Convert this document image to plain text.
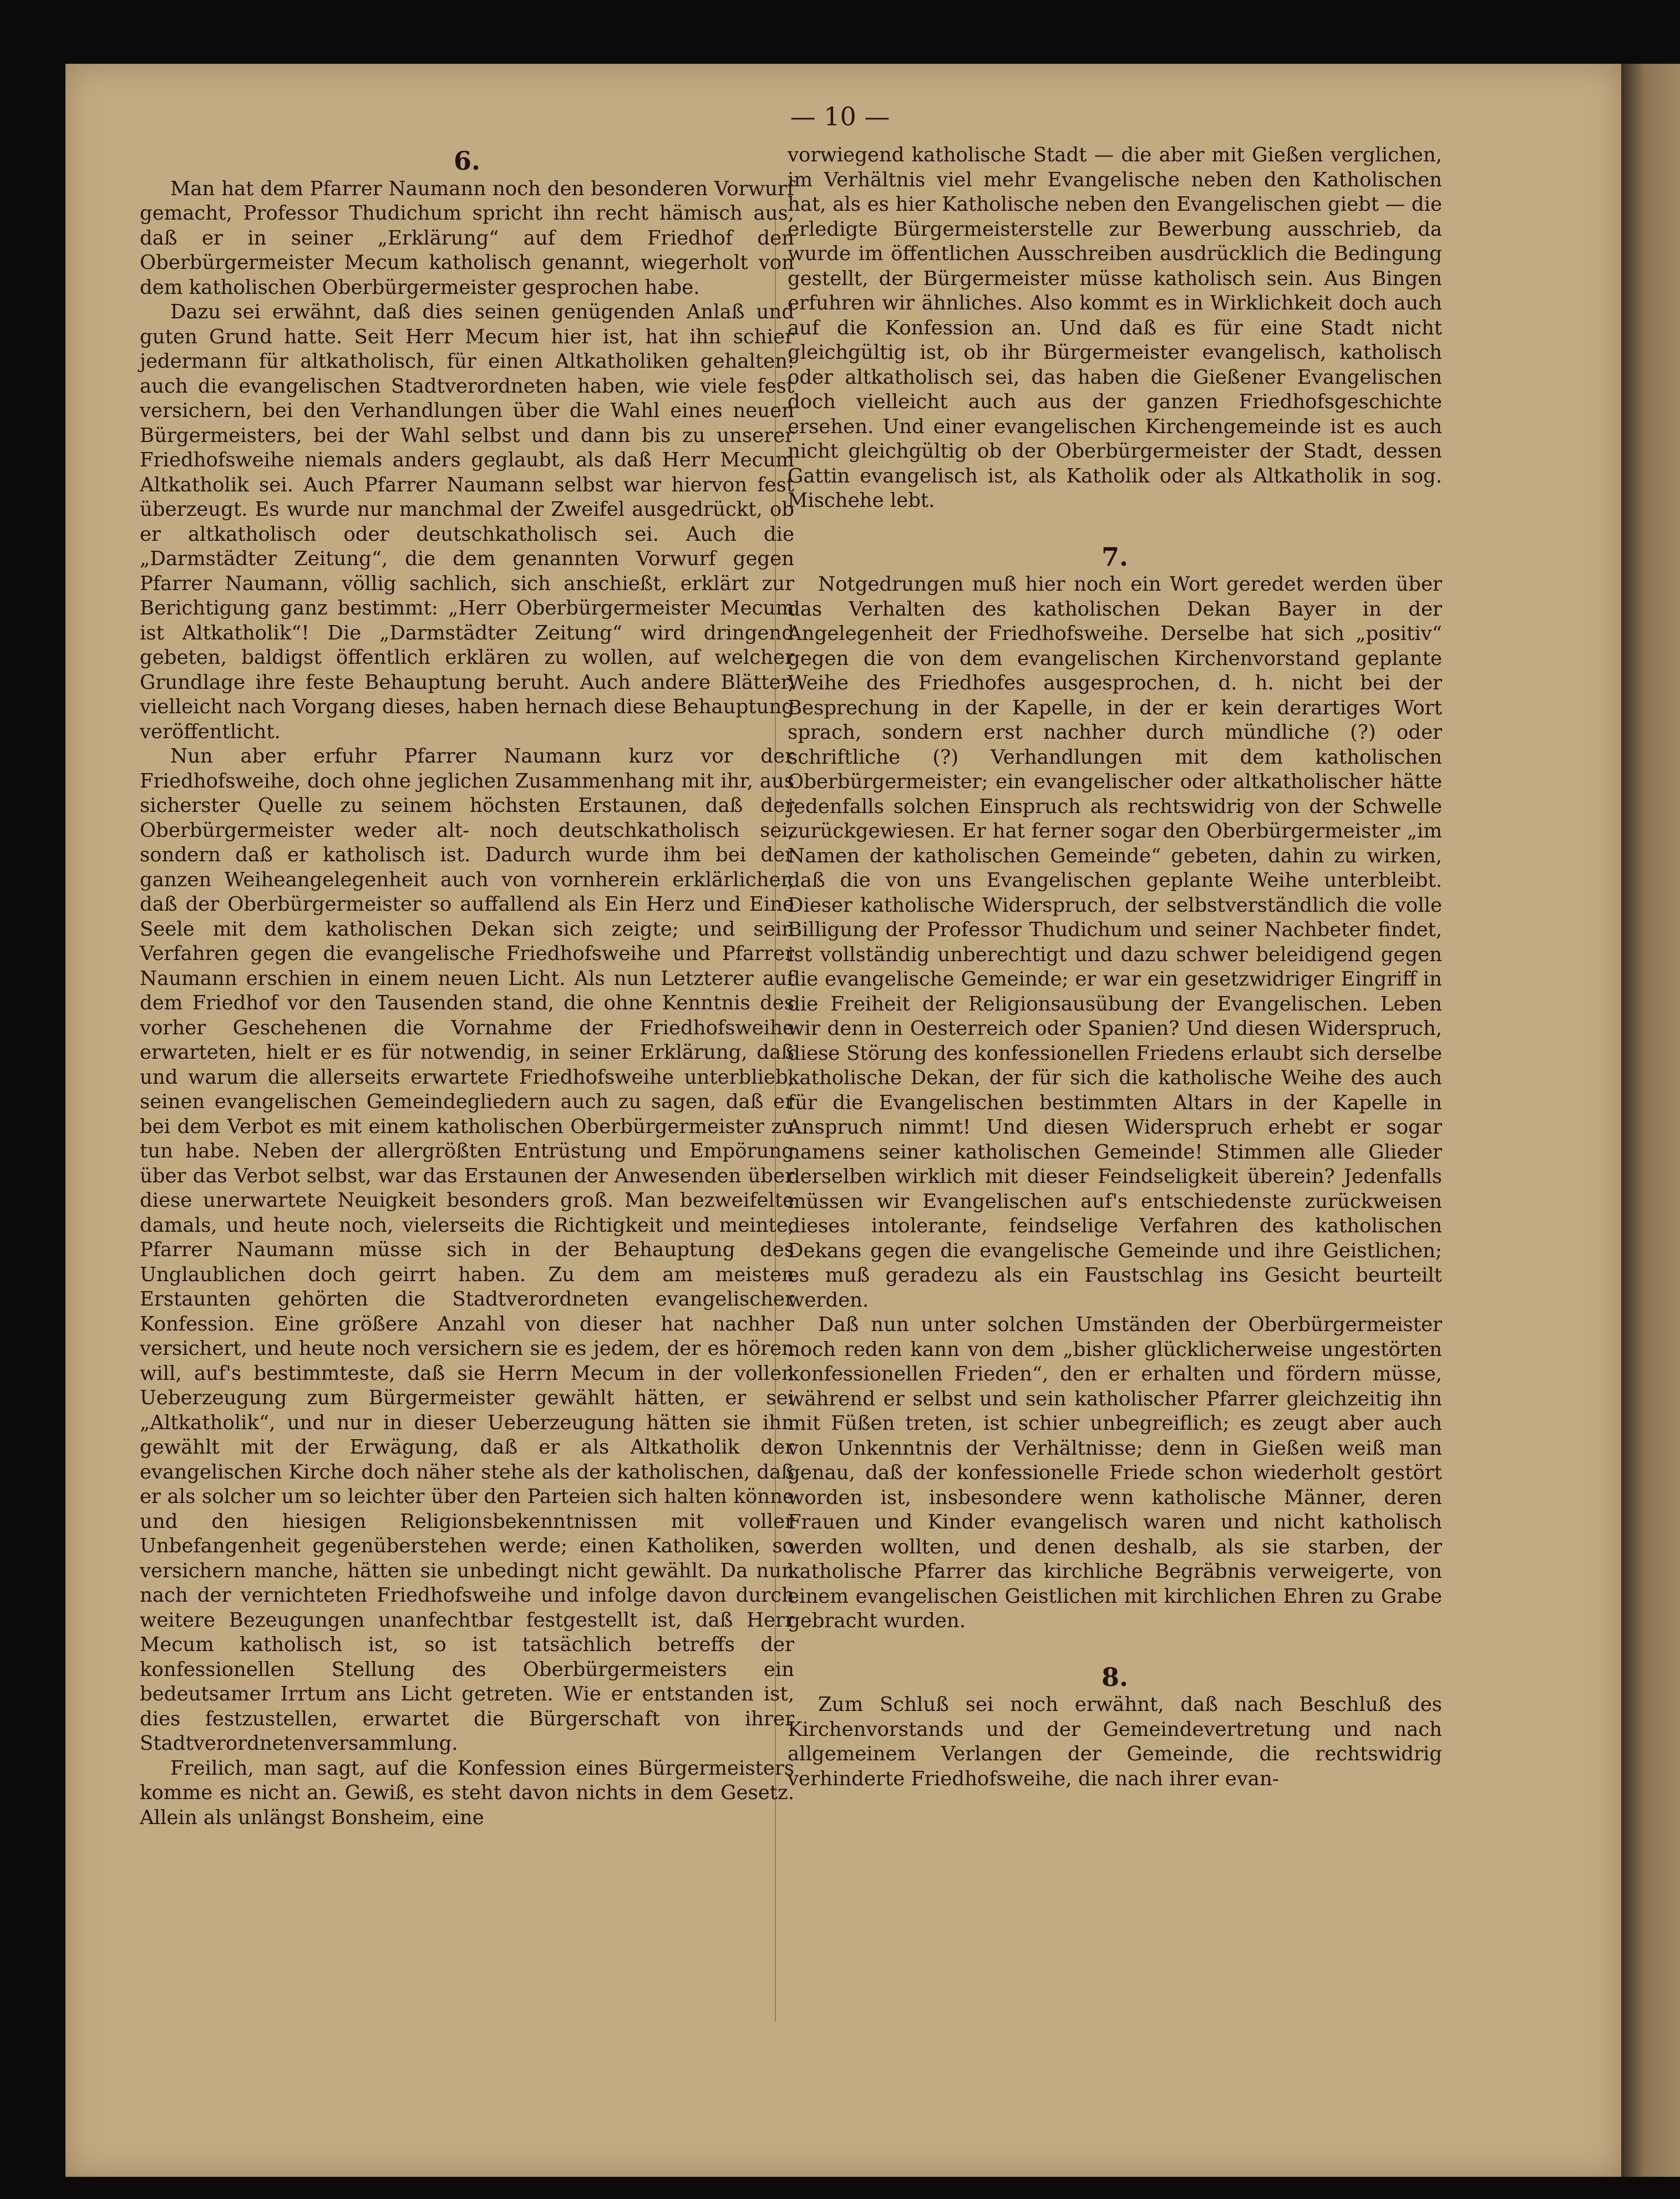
— 10 —
6.

Man hat dem Pfarrer Naumann noch den besonderen Vorwurf gemacht, Professor Thudichum spricht ihn recht hämisch aus, daß er in seiner „Erklärung“ auf dem Friedhof den Oberbürgermeister Mecum katholisch genannt, wiegerholt von dem katholischen Oberbürgermeister gesprochen habe.

Dazu sei erwähnt, daß dies seinen genügenden Anlaß und guten Grund hatte. Seit Herr Mecum hier ist, hat ihn schier jedermann für altkatholisch, für einen Altkatholiken gehalten: auch die evangelischen Stadtverordneten haben, wie viele fest versichern, bei den Verhandlungen über die Wahl eines neuen Bürgermeisters, bei der Wahl selbst und dann bis zu unserer Friedhofsweihe niemals anders geglaubt, als daß Herr Mecum Altkatholik sei. Auch Pfarrer Naumann selbst war hiervon fest überzeugt. Es wurde nur manchmal der Zweifel ausgedrückt, ob er altkatholisch oder deutschkatholisch sei. Auch die „Darmstädter Zeitung“, die dem genannten Vorwurf gegen Pfarrer Naumann, völlig sachlich, sich anschießt, erklärt zur Berichtigung ganz bestimmt: „Herr Oberbürgermeister Mecum ist Altkatholik“! Die „Darmstädter Zeitung“ wird dringend gebeten, baldigst öffentlich erklären zu wollen, auf welcher Grundlage ihre feste Behauptung beruht. Auch andere Blätter, vielleicht nach Vorgang dieses, haben hernach diese Behauptung veröffentlicht.

Nun aber erfuhr Pfarrer Naumann kurz vor der Friedhofsweihe, doch ohne jeglichen Zusammenhang mit ihr, aus sicherster Quelle zu seinem höchsten Erstaunen, daß der Oberbürgermeister weder alt- noch deutschkatholisch sei, sondern daß er katholisch ist. Dadurch wurde ihm bei der ganzen Weiheangelegenheit auch von vornherein erklärlicher, daß der Oberbürgermeister so auffallend als Ein Herz und Eine Seele mit dem katholischen Dekan sich zeigte; und sein Verfahren gegen die evangelische Friedhofsweihe und Pfarrer Naumann erschien in einem neuen Licht. Als nun Letzterer auf dem Friedhof vor den Tausenden stand, die ohne Kenntnis des vorher Geschehenen die Vornahme der Friedhofsweihe erwarteten, hielt er es für notwendig, in seiner Erklärung, daß und warum die allerseits erwartete Friedhofsweihe unterblieb, seinen evangelischen Gemeindegliedern auch zu sagen, daß er bei dem Verbot es mit einem katholischen Oberbürgermeister zu tun habe. Neben der allergrößten Entrüstung und Empörung über das Verbot selbst, war das Erstaunen der Anwesenden über diese unerwartete Neuigkeit besonders groß. Man bezweifelte damals, und heute noch, vielerseits die Richtigkeit und meinte, Pfarrer Naumann müsse sich in der Behauptung des Unglaublichen doch geirrt haben. Zu dem am meisten Erstaunten gehörten die Stadtverordneten evangelischer Konfession. Eine größere Anzahl von dieser hat nachher versichert, und heute noch versichern sie es jedem, der es hören will, auf's bestimmteste, daß sie Herrn Mecum in der vollen Ueberzeugung zum Bürgermeister gewählt hätten, er sei „Altkatholik“, und nur in dieser Ueberzeugung hätten sie ihn gewählt mit der Erwägung, daß er als Altkatholik der evangelischen Kirche doch näher stehe als der katholischen, daß er als solcher um so leichter über den Parteien sich halten könne und den hiesigen Religionsbekenntnissen mit voller Unbefangenheit gegenüberstehen werde; einen Katholiken, so versichern manche, hätten sie unbedingt nicht gewählt. Da nun nach der vernichteten Friedhofsweihe und infolge davon durch weitere Bezeugungen unanfechtbar festgestellt ist, daß Herr Mecum katholisch ist, so ist tatsächlich betreffs der konfessionellen Stellung des Oberbürgermeisters ein bedeutsamer Irrtum ans Licht getreten. Wie er entstanden ist, dies festzustellen, erwartet die Bürgerschaft von ihrer Stadtverordnetenversammlung.

Freilich, man sagt, auf die Konfession eines Bürgermeisters komme es nicht an. Gewiß, es steht davon nichts in dem Gesetz. Allein als unlängst Bonsheim, eine

vorwiegend katholische Stadt — die aber mit Gießen verglichen, im Verhältnis viel mehr Evangelische neben den Katholischen hat, als es hier Katholische neben den Evangelischen giebt — die erledigte Bürgermeisterstelle zur Bewerbung ausschrieb, da wurde im öffentlichen Ausschreiben ausdrücklich die Bedingung gestellt, der Bürgermeister müsse katholisch sein. Aus Bingen erfuhren wir ähnliches. Also kommt es in Wirklichkeit doch auch auf die Konfession an. Und daß es für eine Stadt nicht gleichgültig ist, ob ihr Bürgermeister evangelisch, katholisch oder altkatholisch sei, das haben die Gießener Evangelischen doch vielleicht auch aus der ganzen Friedhofsgeschichte ersehen. Und einer evangelischen Kirchengemeinde ist es auch nicht gleichgültig ob der Oberbürgermeister der Stadt, dessen Gattin evangelisch ist, als Katholik oder als Altkatholik in sog. Mischehe lebt.

7.

Notgedrungen muß hier noch ein Wort geredet werden über das Verhalten des katholischen Dekan Bayer in der Angelegenheit der Friedhofsweihe. Derselbe hat sich „positiv“ gegen die von dem evangelischen Kirchenvorstand geplante Weihe des Friedhofes ausgesprochen, d. h. nicht bei der Besprechung in der Kapelle, in der er kein derartiges Wort sprach, sondern erst nachher durch mündliche (?) oder schriftliche (?) Verhandlungen mit dem katholischen Oberbürgermeister; ein evangelischer oder altkatholischer hätte jedenfalls solchen Einspruch als rechtswidrig von der Schwelle zurückgewiesen. Er hat ferner sogar den Oberbürgermeister „im Namen der katholischen Gemeinde“ gebeten, dahin zu wirken, daß die von uns Evangelischen geplante Weihe unterbleibt. Dieser katholische Widerspruch, der selbstverständlich die volle Billigung der Professor Thudichum und seiner Nachbeter findet, ist vollständig unberechtigt und dazu schwer beleidigend gegen die evangelische Gemeinde; er war ein gesetzwidriger Eingriff in die Freiheit der Religionsausübung der Evangelischen. Leben wir denn in Oesterreich oder Spanien? Und diesen Widerspruch, diese Störung des konfessionellen Friedens erlaubt sich derselbe katholische Dekan, der für sich die katholische Weihe des auch für die Evangelischen bestimmten Altars in der Kapelle in Anspruch nimmt! Und diesen Widerspruch erhebt er sogar namens seiner katholischen Gemeinde! Stimmen alle Glieder derselben wirklich mit dieser Feindseligkeit überein? Jedenfalls müssen wir Evangelischen auf's entschiedenste zurückweisen dieses intolerante, feindselige Verfahren des katholischen Dekans gegen die evangelische Gemeinde und ihre Geistlichen; es muß geradezu als ein Faustschlag ins Gesicht beurteilt werden.

Daß nun unter solchen Umständen der Oberbürgermeister noch reden kann von dem „bisher glücklicherweise ungestörten konfessionellen Frieden“, den er erhalten und fördern müsse, während er selbst und sein katholischer Pfarrer gleichzeitig ihn mit Füßen treten, ist schier unbegreiflich; es zeugt aber auch von Unkenntnis der Verhältnisse; denn in Gießen weiß man genau, daß der konfessionelle Friede schon wiederholt gestört worden ist, insbesondere wenn katholische Männer, deren Frauen und Kinder evangelisch waren und nicht katholisch werden wollten, und denen deshalb, als sie starben, der katholische Pfarrer das kirchliche Begräbnis verweigerte, von einem evangelischen Geistlichen mit kirchlichen Ehren zu Grabe gebracht wurden.

8.

Zum Schluß sei noch erwähnt, daß nach Beschluß des Kirchenvorstands und der Gemeindevertretung und nach allgemeinem Verlangen der Gemeinde, die rechtswidrig verhinderte Friedhofsweihe, die nach ihrer evan-
